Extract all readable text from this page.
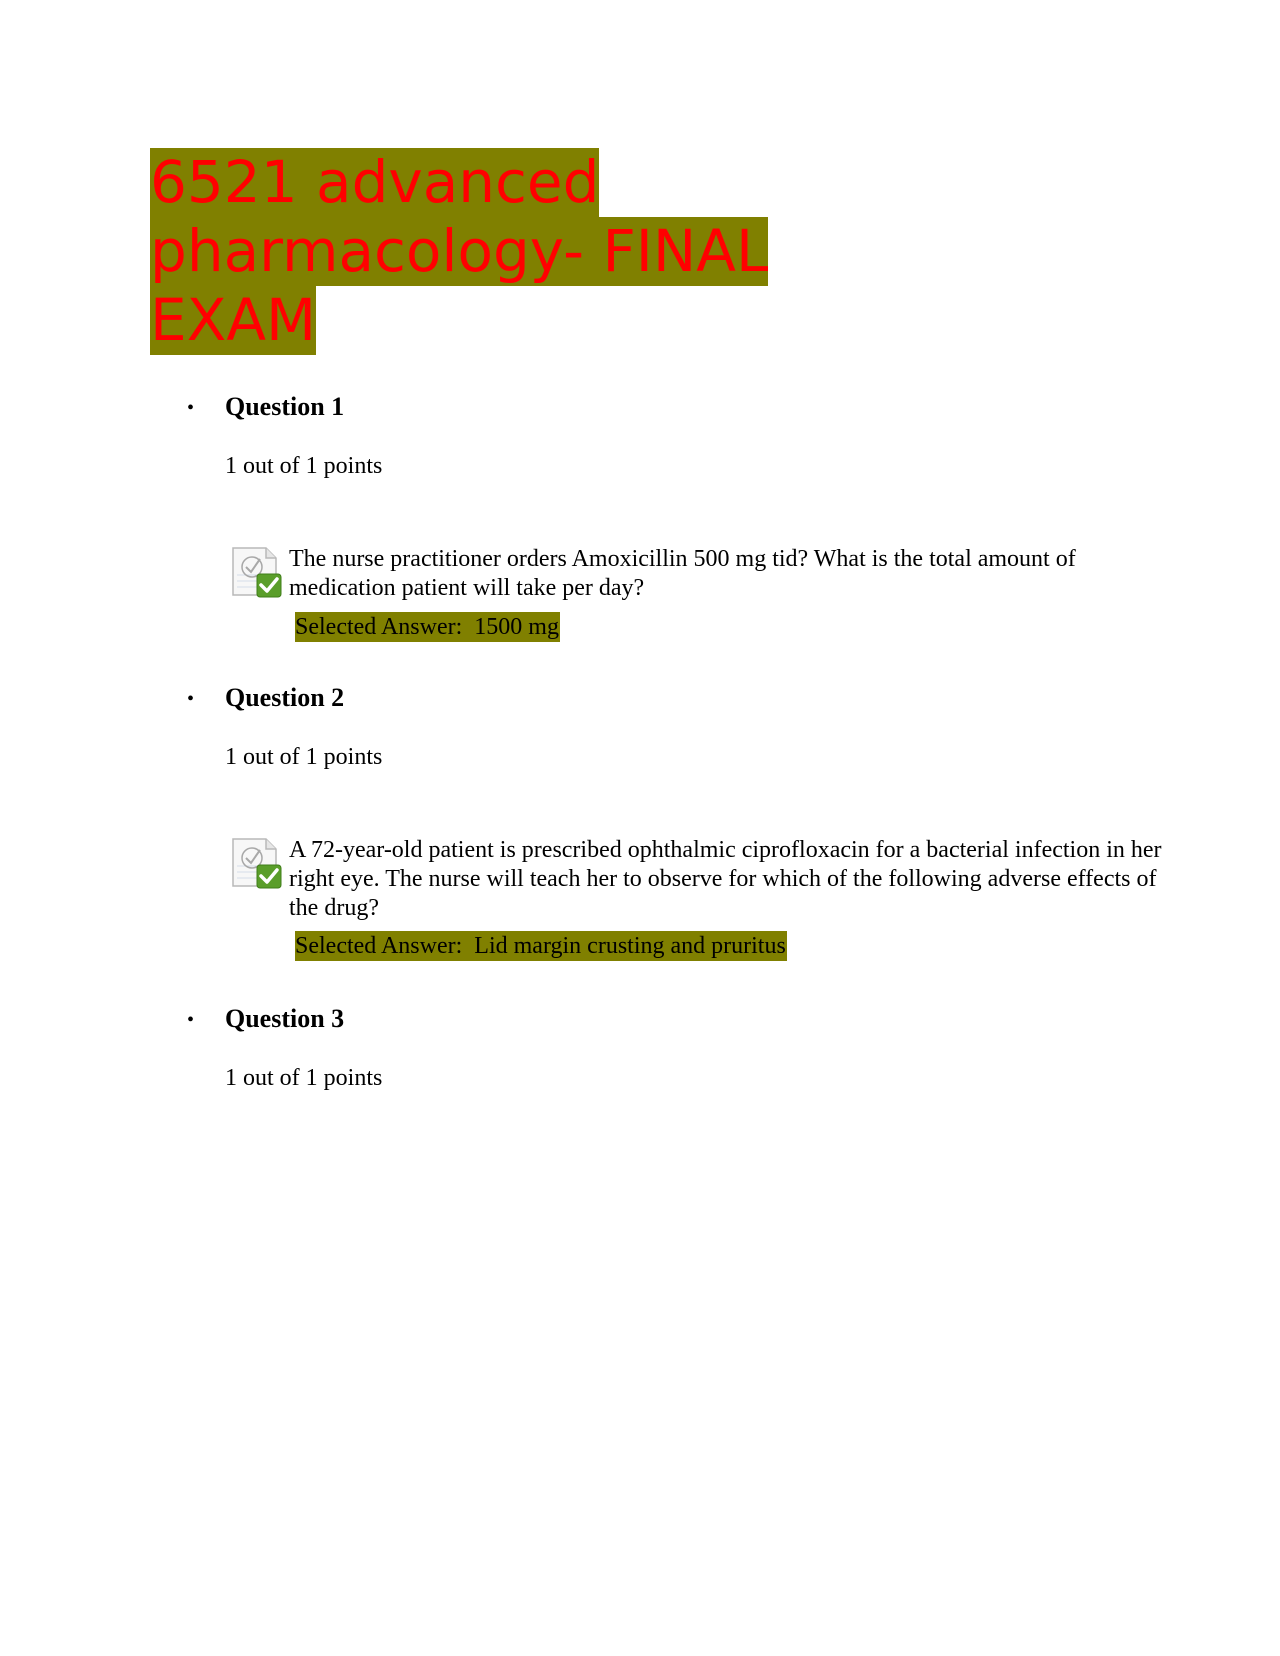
6521 advanced
pharmacology- FINAL
EXAM
• Question 1
1 out of 1 points
The nurse practitioner orders Amoxicillin 500 mg tid? What is the total amount of medication patient will take per day?
Selected Answer: 1500 mg
• Question 2
1 out of 1 points
A 72-year-old patient is prescribed ophthalmic ciprofloxacin for a bacterial infection in her right eye. The nurse will teach her to observe for which of the following adverse effects of the drug?
Selected Answer: Lid margin crusting and pruritus
• Question 3
1 out of 1 points
